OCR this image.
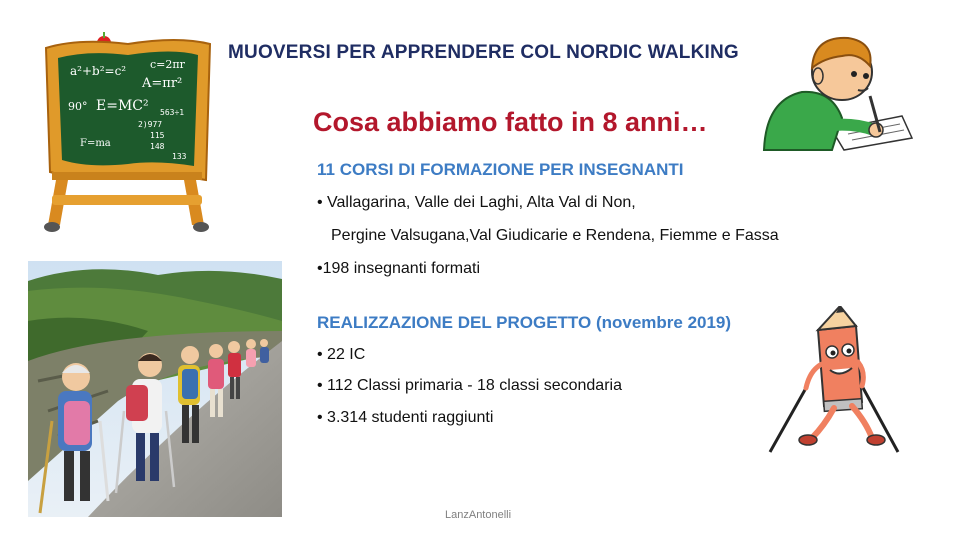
MUOVERSI PER APPRENDERE COL NORDIC WALKING
Cosa abbiamo fatto in 8 anni…
11 CORSI DI FORMAZIONE PER INSEGNANTI
• Vallagarina, Valle dei Laghi, Alta Val di Non,
Pergine Valsugana,Val Giudicarie e Rendena, Fiemme e Fassa
•198 insegnanti formati
REALIZZAZIONE DEL PROGETTO (novembre 2019)
• 22 IC
• 112 Classi primaria - 18 classi secondaria
• 3.314 studenti raggiunti
LanzAntonelli
a²+b²=c² c=2πr
A=πr²
90° E=MC²
F=ma
563÷1
2)977
115
148
133
